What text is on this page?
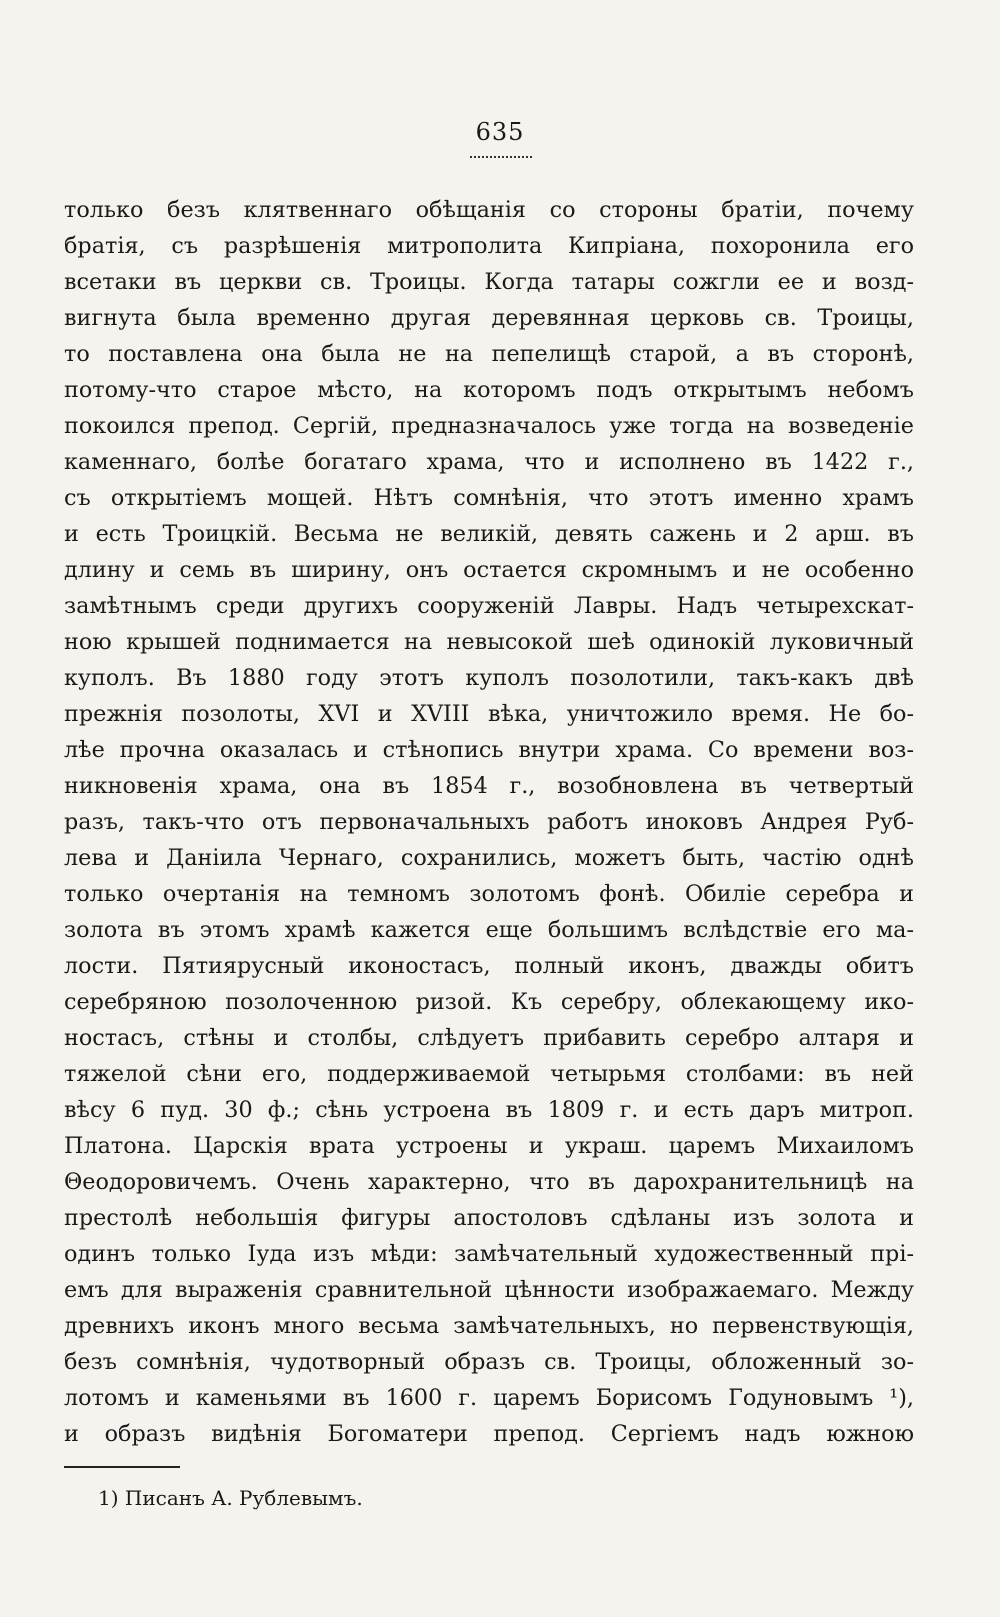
635
только безъ клятвеннаго обѣщанія со стороны братіи, почему
братія, съ разрѣшенія митрополита Кипріана, похоронила его
всетаки въ церкви св. Троицы. Когда татары сожгли ее и возд-
вигнута была временно другая деревянная церковь св. Троицы,
то поставлена она была не на пепелищѣ старой, а въ сторонѣ,
потому-что старое мѣсто, на которомъ подъ открытымъ небомъ
покоился препод. Сергій, предназначалось уже тогда на возведеніе
каменнаго, болѣе богатаго храма, что и исполнено въ 1422 г.,
съ открытіемъ мощей. Нѣтъ сомнѣнія, что этотъ именно храмъ
и есть Троицкій. Весьма не великій, девять сажень и 2 арш. въ
длину и семь въ ширину, онъ остается скромнымъ и не особенно
замѣтнымъ среди другихъ сооруженій Лавры. Надъ четырехскат-
ною крышей поднимается на невысокой шеѣ одинокій луковичный
куполъ. Въ 1880 году этотъ куполъ позолотили, такъ-какъ двѣ
прежнія позолоты, XVI и XVIII вѣка, уничтожило время. Не бо-
лѣе прочна оказалась и стѣнопись внутри храма. Со времени воз-
никновенія храма, она въ 1854 г., возобновлена въ четвертый
разъ, такъ-что отъ первоначальныхъ работъ иноковъ Андрея Руб-
лева и Даніила Чернаго, сохранились, можетъ быть, частію однѣ
только очертанія на темномъ золотомъ фонѣ. Обиліе серебра и
золота въ этомъ храмѣ кажется еще большимъ вслѣдствіе его ма-
лости. Пятиярусный иконостасъ, полный иконъ, дважды обитъ
серебряною позолоченною ризой. Къ серебру, облекающему ико-
ностасъ, стѣны и столбы, слѣдуетъ прибавить серебро алтаря и
тяжелой сѣни его, поддерживаемой четырьмя столбами: въ ней
вѣсу 6 пуд. 30 ф.; сѣнь устроена въ 1809 г. и есть даръ митроп.
Платона. Царскія врата устроены и украш. царемъ Михаиломъ
Θеодоровичемъ. Очень характерно, что въ дарохранительницѣ на
престолѣ небольшія фигуры апостоловъ сдѣланы изъ золота и
одинъ только Іуда изъ мѣди: замѣчательный художественный прі-
емъ для выраженія сравнительной цѣнности изображаемаго. Между
древнихъ иконъ много весьма замѣчательныхъ, но первенствующія,
безъ сомнѣнія, чудотворный образъ св. Троицы, обложенный зо-
лотомъ и каменьями въ 1600 г. царемъ Борисомъ Годуновымъ ¹),
и образъ видѣнія Богоматери препод. Сергіемъ надъ южною
1) Писанъ А. Рублевымъ.
